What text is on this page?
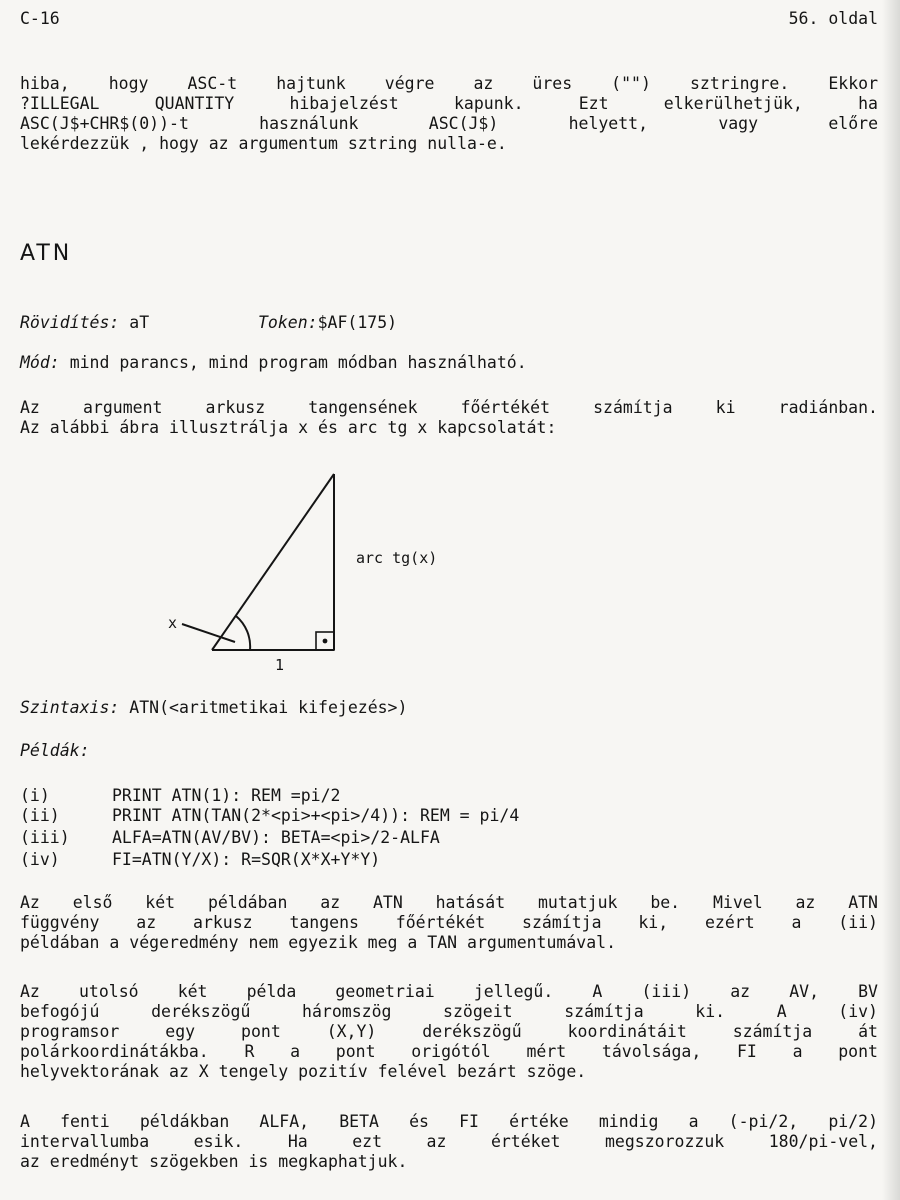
C-16	56. oldal
hiba, hogy ASC-t hajtunk végre az üres ("") sztringre. Ekkor
?ILLEGAL QUANTITY hibajelzést kapunk. Ezt elkerülhetjük, ha
ASC(J$+CHR$(0))-t használunk ASC(J$) helyett, vagy előre
lekérdezzük , hogy az argumentum sztring nulla-e.
ATN
Rövidítés: aT	Token:$AF(175)
Mód: mind parancs, mind program módban használható.
Az argument arkusz tangensének főértékét számítja ki radiánban.
Az alábbi ábra illusztrálja x és arc tg x kapcsolatát:
x
arc tg(x)
1
Szintaxis: ATN(<aritmetikai kifejezés>)
Példák:
(i)	PRINT ATN(1): REM =pi/2
(ii)	PRINT ATN(TAN(2*<pi>+<pi>/4)): REM = pi/4
(iii)	ALFA=ATN(AV/BV): BETA=<pi>/2-ALFA
(iv)	FI=ATN(Y/X): R=SQR(X*X+Y*Y)
Az első két példában az ATN hatását mutatjuk be. Mivel az ATN
függvény az arkusz tangens főértékét számítja ki, ezért a (ii)
példában a végeredmény nem egyezik meg a TAN argumentumával.
Az utolsó két példa geometriai jellegű. A (iii) az AV, BV
befogójú derékszögű háromszög szögeit számítja ki. A (iv)
programsor egy pont (X,Y) derékszögű koordinátáit számítja át
polárkoordinátákba. R a pont origótól mért távolsága, FI a pont
helyvektorának az X tengely pozitív felével bezárt szöge.
A fenti példákban ALFA, BETA és FI értéke mindig a (-pi/2, pi/2)
intervallumba esik. Ha ezt az értéket megszorozzuk 180/pi-vel,
az eredményt szögekben is megkaphatjuk.
